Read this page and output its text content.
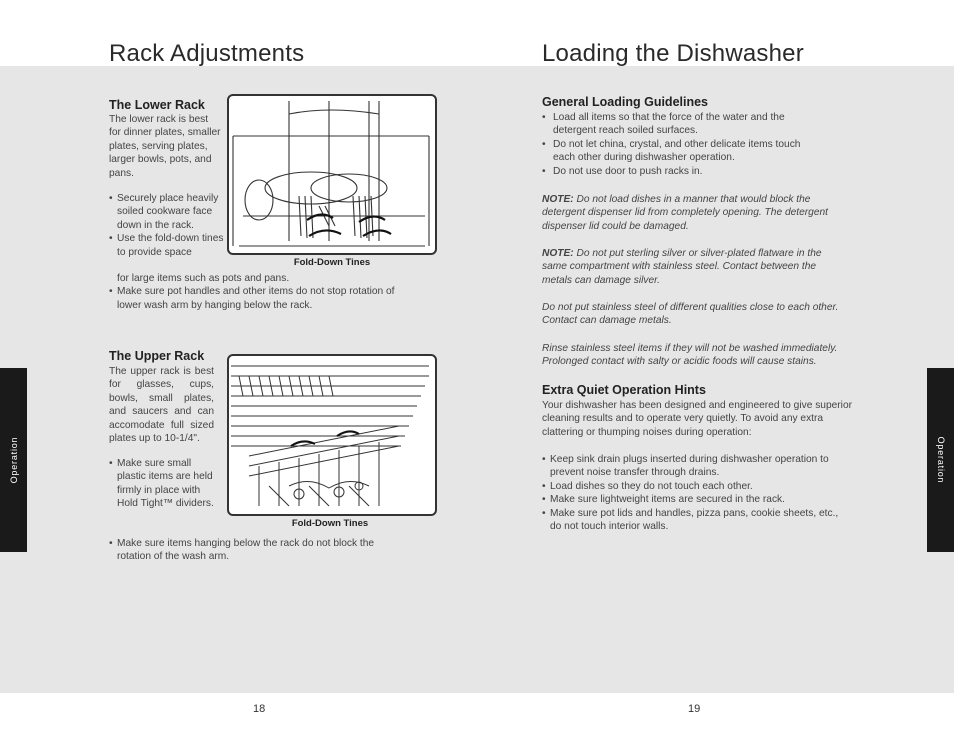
Rack Adjustments
The Lower Rack

The lower rack is best for dinner plates, smaller plates, serving plates, larger bowls, pots, and pans.

• Securely place heavily soiled cookware face down in the rack.
• Use the fold-down tines to provide space
for large items such as pots and pans.
• Make sure pot handles and other items do not stop rotation of lower wash arm by hanging below the rack.
Fold-Down Tines
The Upper Rack

The upper rack is best for glasses, cups, bowls, small plates, and saucers and can accomodate full sized plates up to 10-1/4".

• Make sure small plastic items are held firmly in place with Hold Tight™ dividers.
• Make sure items hanging below the rack do not block the rotation of the wash arm.
Fold-Down Tines
Operation
18
Loading the Dishwasher
General Loading Guidelines
• Load all items so that the force of the water and the detergent reach soiled surfaces.
• Do not let china, crystal, and other delicate items touch each other during dishwasher operation.
• Do not use door to push racks in.

NOTE: Do not load dishes in a manner that would block the detergent dispenser lid from completely opening. The detergent dispenser lid could be damaged.

NOTE: Do not put sterling silver or silver-plated flatware in the same compartment with stainless steel. Contact between the metals can damage silver.

Do not put stainless steel of different qualities close to each other. Contact can damage metals.

Rinse stainless steel items if they will not be washed immediately. Prolonged contact with salty or acidic foods will cause stains.

Extra Quiet Operation Hints

Your dishwasher has been designed and engineered to give superior cleaning results and to operate very quietly. To avoid any extra clattering or thumping noises during operation:

• Keep sink drain plugs inserted during dishwasher operation to prevent noise transfer through drains.
• Load dishes so they do not touch each other.
• Make sure lightweight items are secured in the rack.
• Make sure pot lids and handles, pizza pans, cookie sheets, etc., do not touch interior walls.
Operation
19
